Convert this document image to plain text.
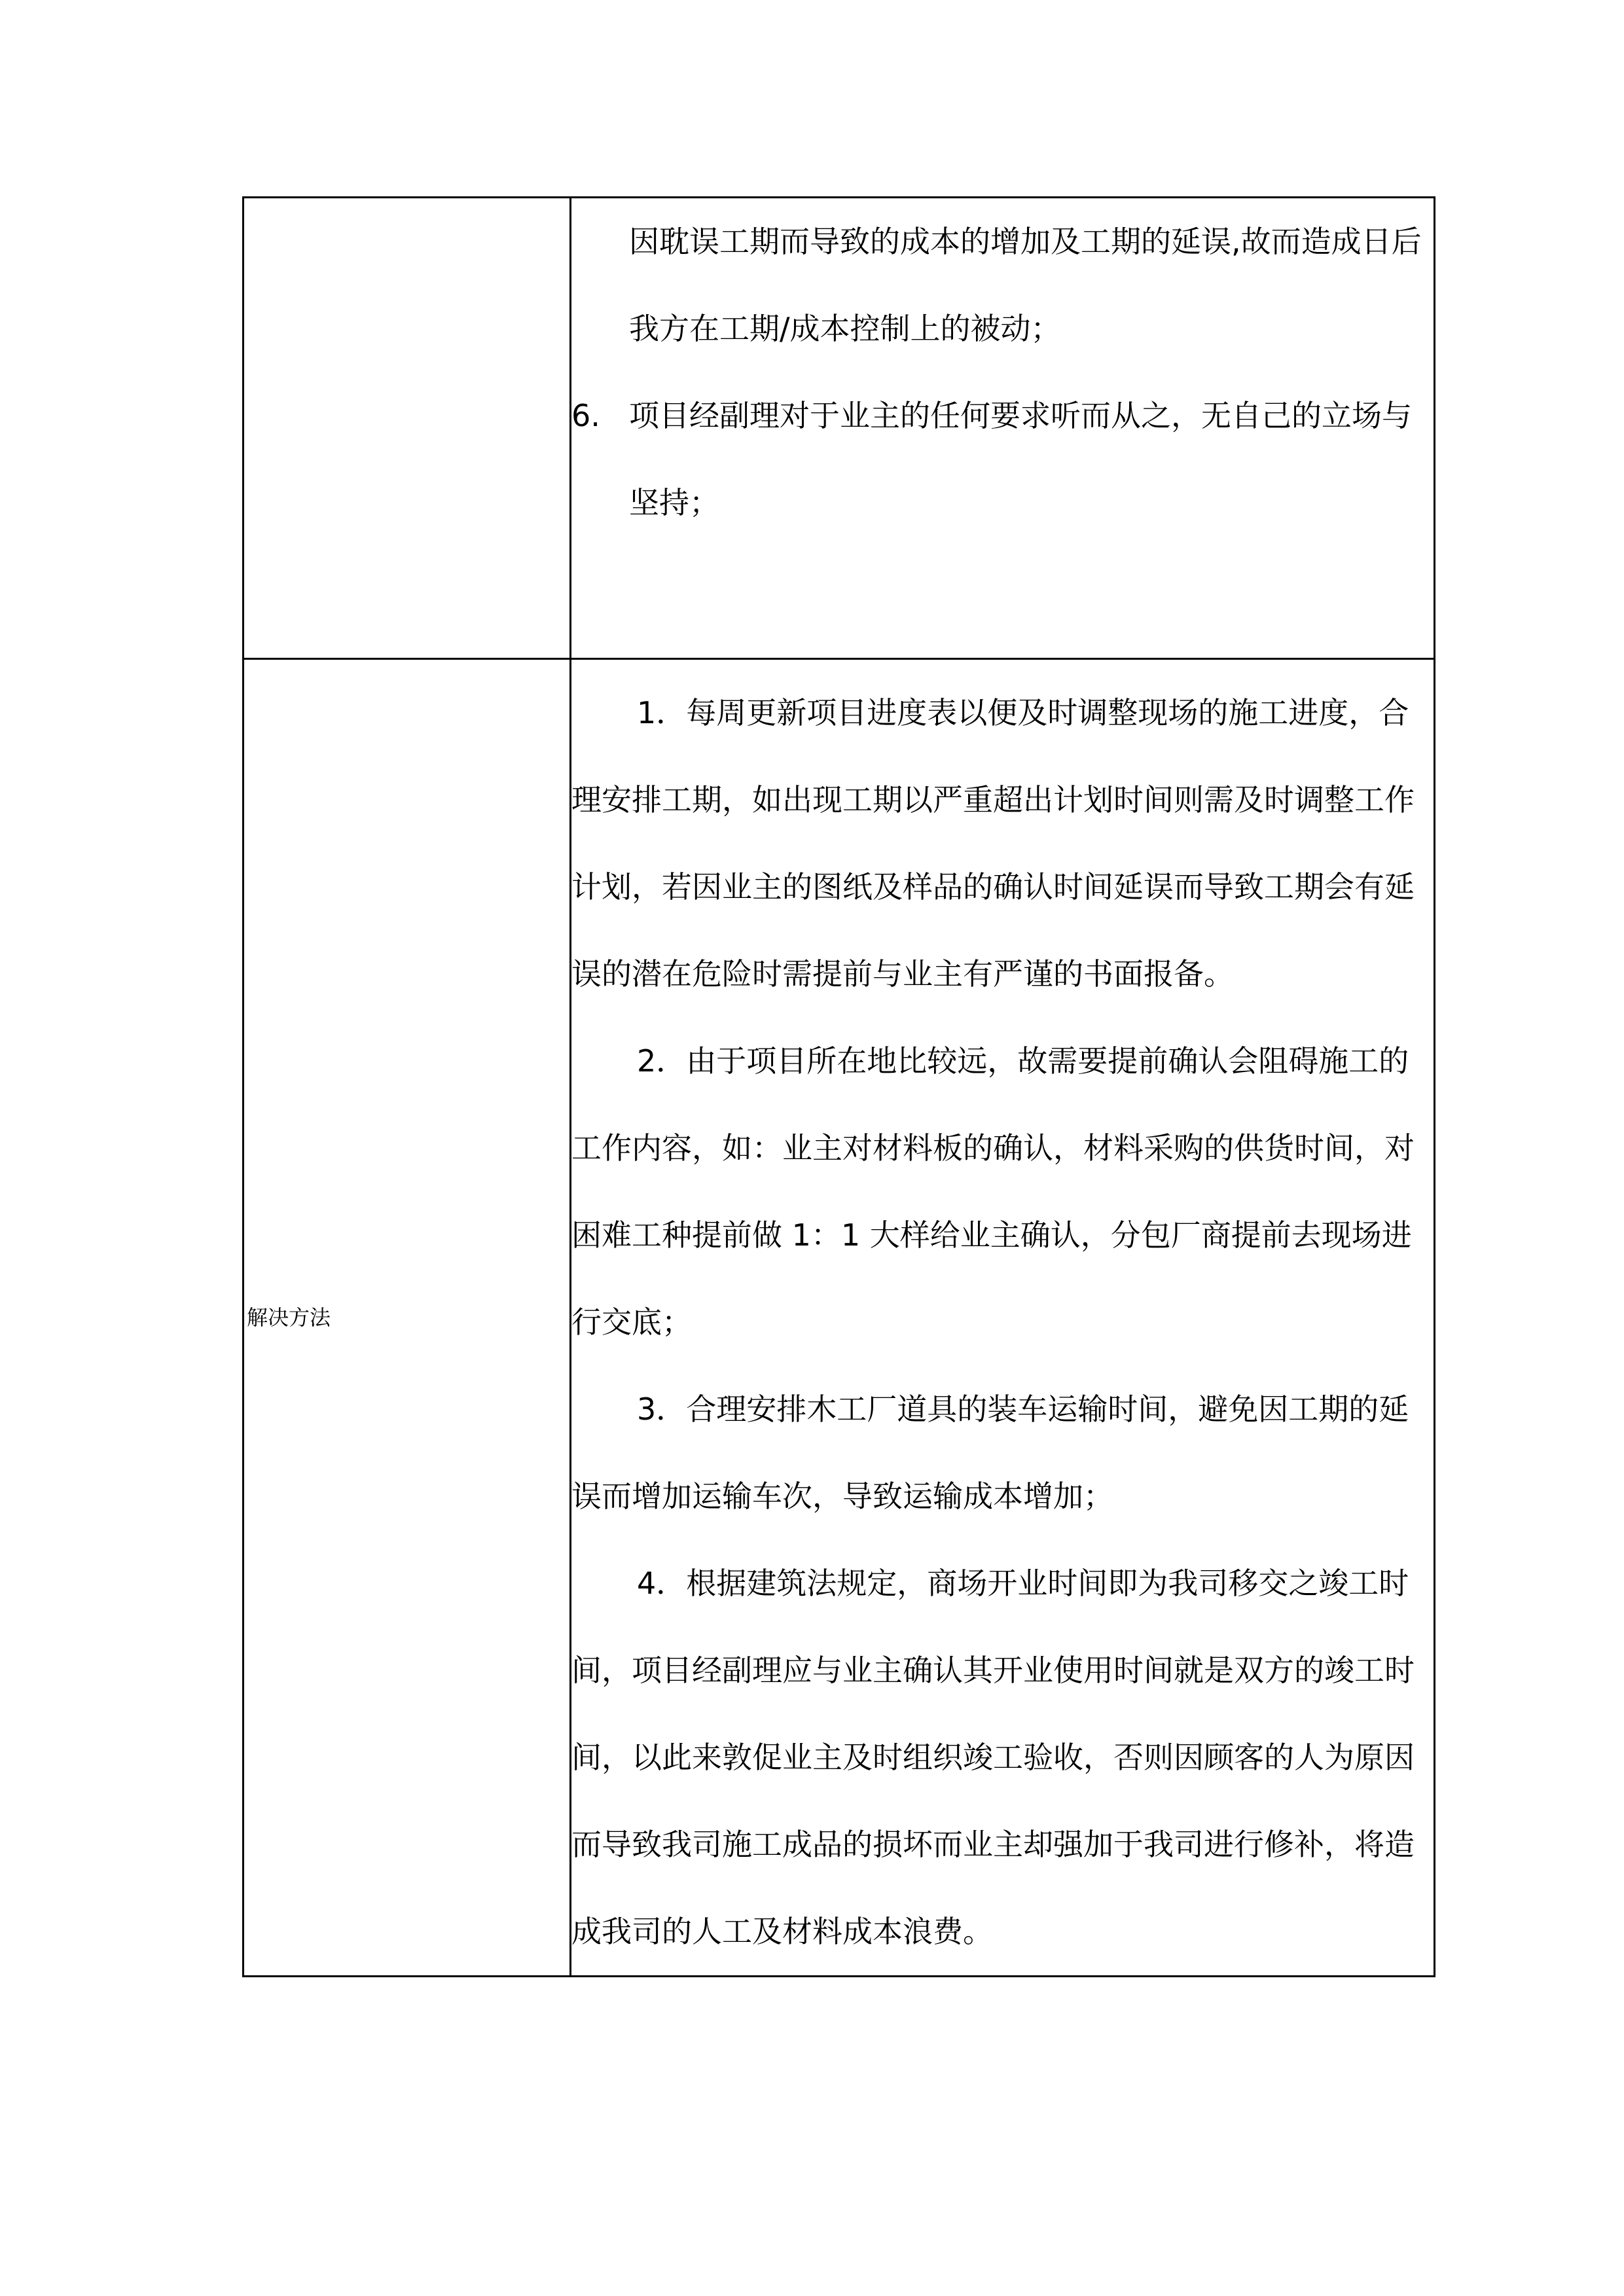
	因耽误工期而导致的成本的增加及工期的延误,故而造成日后我方在工期/成本控制上的被动；
6. 项目经副理对于业主的任何要求听而从之，无自己的立场与坚持；

解决方法	1．每周更新项目进度表以便及时调整现场的施工进度，合理安排工期，如出现工期以严重超出计划时间则需及时调整工作计划，若因业主的图纸及样品的确认时间延误而导致工期会有延误的潜在危险时需提前与业主有严谨的书面报备。

2．由于项目所在地比较远，故需要提前确认会阻碍施工的工作内容，如：业主对材料板的确认，材料采购的供货时间，对困难工种提前做 1：1 大样给业主确认，分包厂商提前去现场进行交底；

3．合理安排木工厂道具的装车运输时间，避免因工期的延误而增加运输车次，导致运输成本增加；

4．根据建筑法规定，商场开业时间即为我司移交之竣工时间，项目经副理应与业主确认其开业使用时间就是双方的竣工时间，以此来敦促业主及时组织竣工验收，否则因顾客的人为原因而导致我司施工成品的损坏而业主却强加于我司进行修补，将造成我司的人工及材料成本浪费。
